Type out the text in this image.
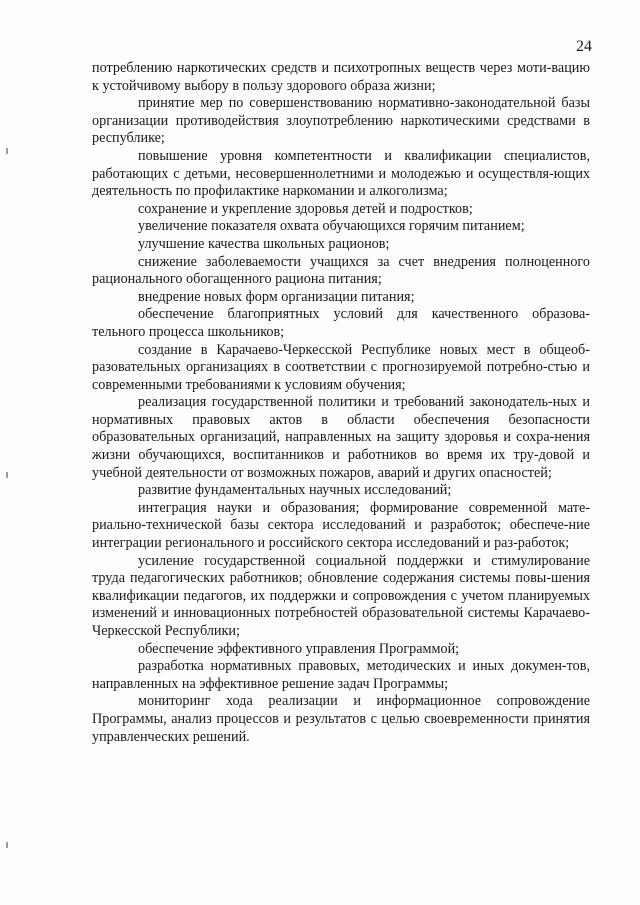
24

потреблению наркотических средств и психотропных веществ через моти-вацию к устойчивому выбору в пользу здорового образа жизни;

принятие мер по совершенствованию нормативно-законодательной базы организации противодействия злоупотреблению наркотическими средствами в республике;

повышение уровня компетентности и квалификации специалистов, работающих с детьми, несовершеннолетними и молодежью и осуществля-ющих деятельность по профилактике наркомании и алкоголизма;

сохранение и укрепление здоровья детей и подростков;

увеличение показателя охвата обучающихся горячим питанием;

улучшение качества школьных рационов;

снижение заболеваемости учащихся за счет внедрения полноценного рационального обогащенного рациона питания;

внедрение новых форм организации питания;

обеспечение благоприятных условий для качественного образова-тельного процесса школьников;

создание в Карачаево-Черкесской Республике новых мест в общеоб-разовательных организациях в соответствии с прогнозируемой потребно-стью и современными требованиями к условиям обучения;

реализация государственной политики и требований законодатель-ных и нормативных правовых актов в области обеспечения безопасности образовательных организаций, направленных на защиту здоровья и сохра-нения жизни обучающихся, воспитанников и работников во время их тру-довой и учебной деятельности от возможных пожаров, аварий и других опасностей;

развитие фундаментальных научных исследований;

интеграция науки и образования; формирование современной мате-риально-технической базы сектора исследований и разработок; обеспече-ние интеграции регионального и российского сектора исследований и раз-работок;

усиление государственной социальной поддержки и стимулирование труда педагогических работников; обновление содержания системы повы-шения квалификации педагогов, их поддержки и сопровождения с учетом планируемых изменений и инновационных потребностей образовательной системы Карачаево-Черкесской Республики;

обеспечение эффективного управления Программой;

разработка нормативных правовых, методических и иных докумен-тов, направленных на эффективное решение задач Программы;

мониторинг хода реализации и информационное сопровождение Программы, анализ процессов и результатов с целью своевременности принятия управленческих решений.
